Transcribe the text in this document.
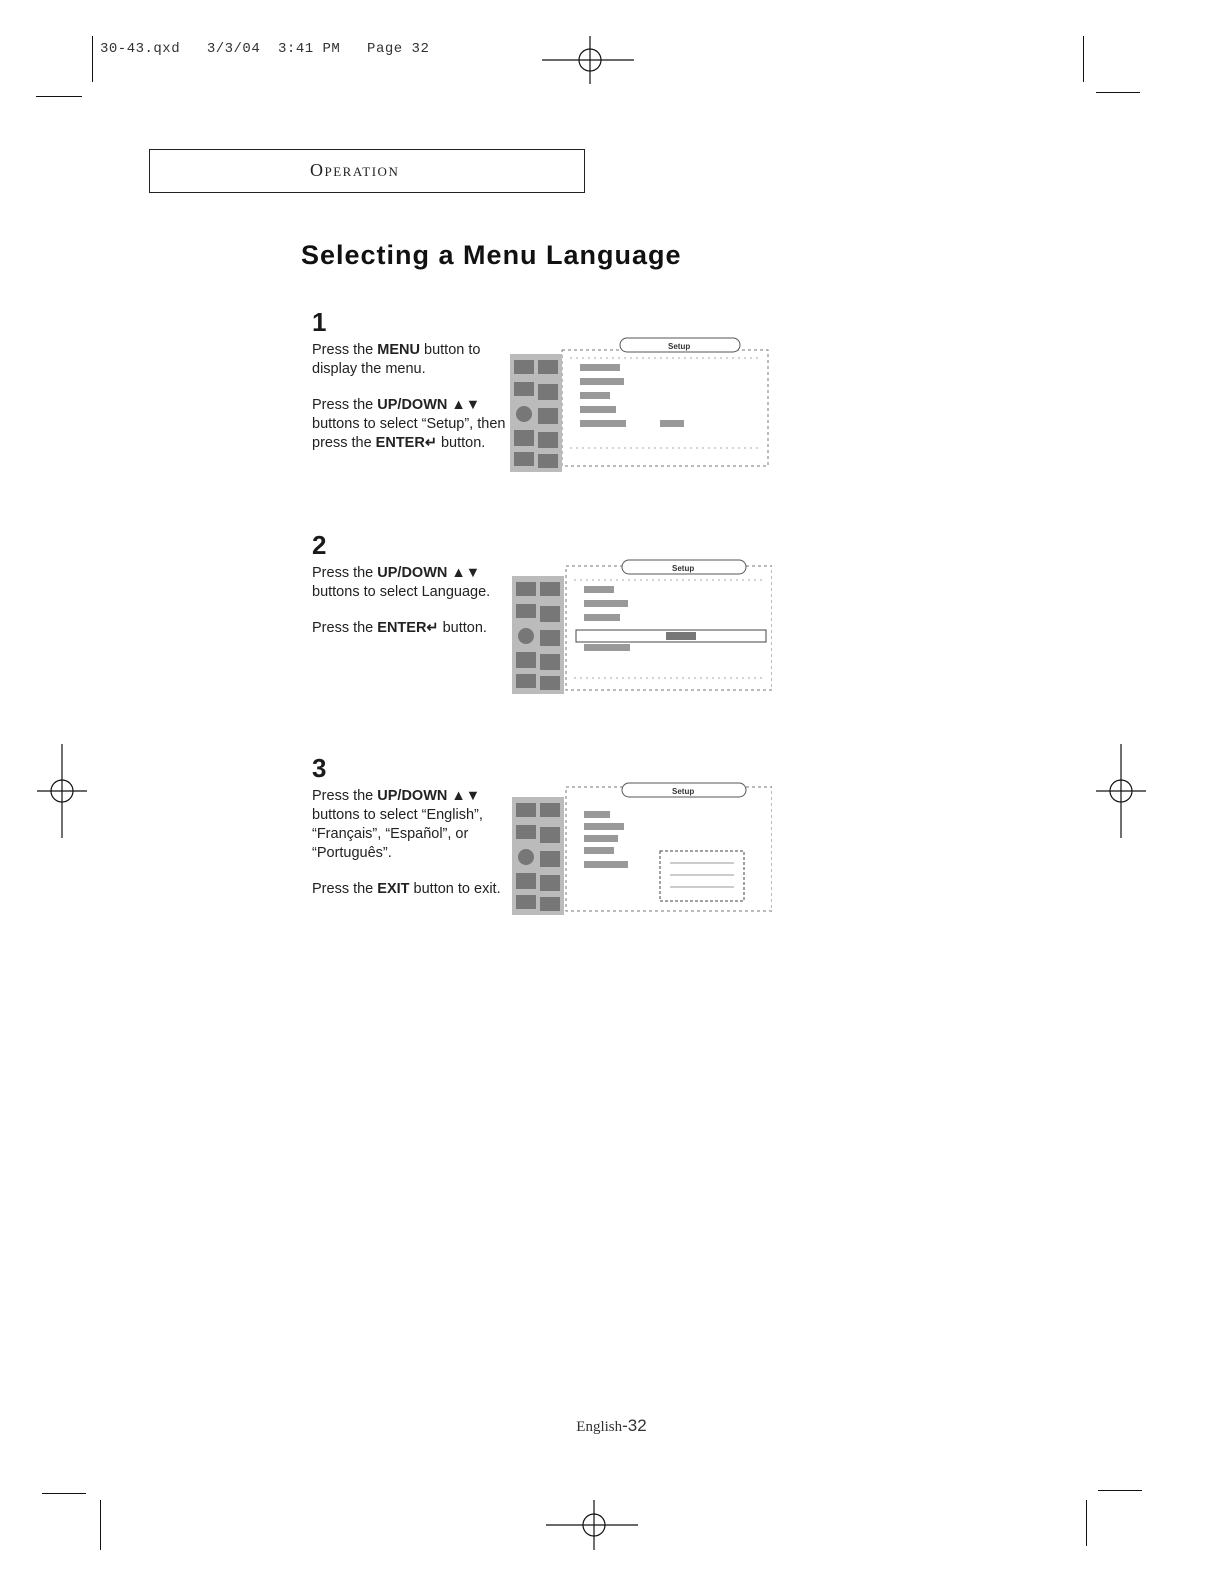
30-43.qxd   3/3/04  3:41 PM   Page 32
Operation
Selecting a Menu Language
1

Press the MENU button to display the menu.

Press the UP/DOWN ▲▼ buttons to select “Setup”, then press the ENTER↵ button.

2

Press the UP/DOWN ▲▼ buttons to select Language.

Press the ENTER↵ button.

3

Press the UP/DOWN ▲▼ buttons to select “English”, “Français”, “Español”, or “Português”.

Press the EXIT button to exit.

Setup
Setup
Setup
English-32
